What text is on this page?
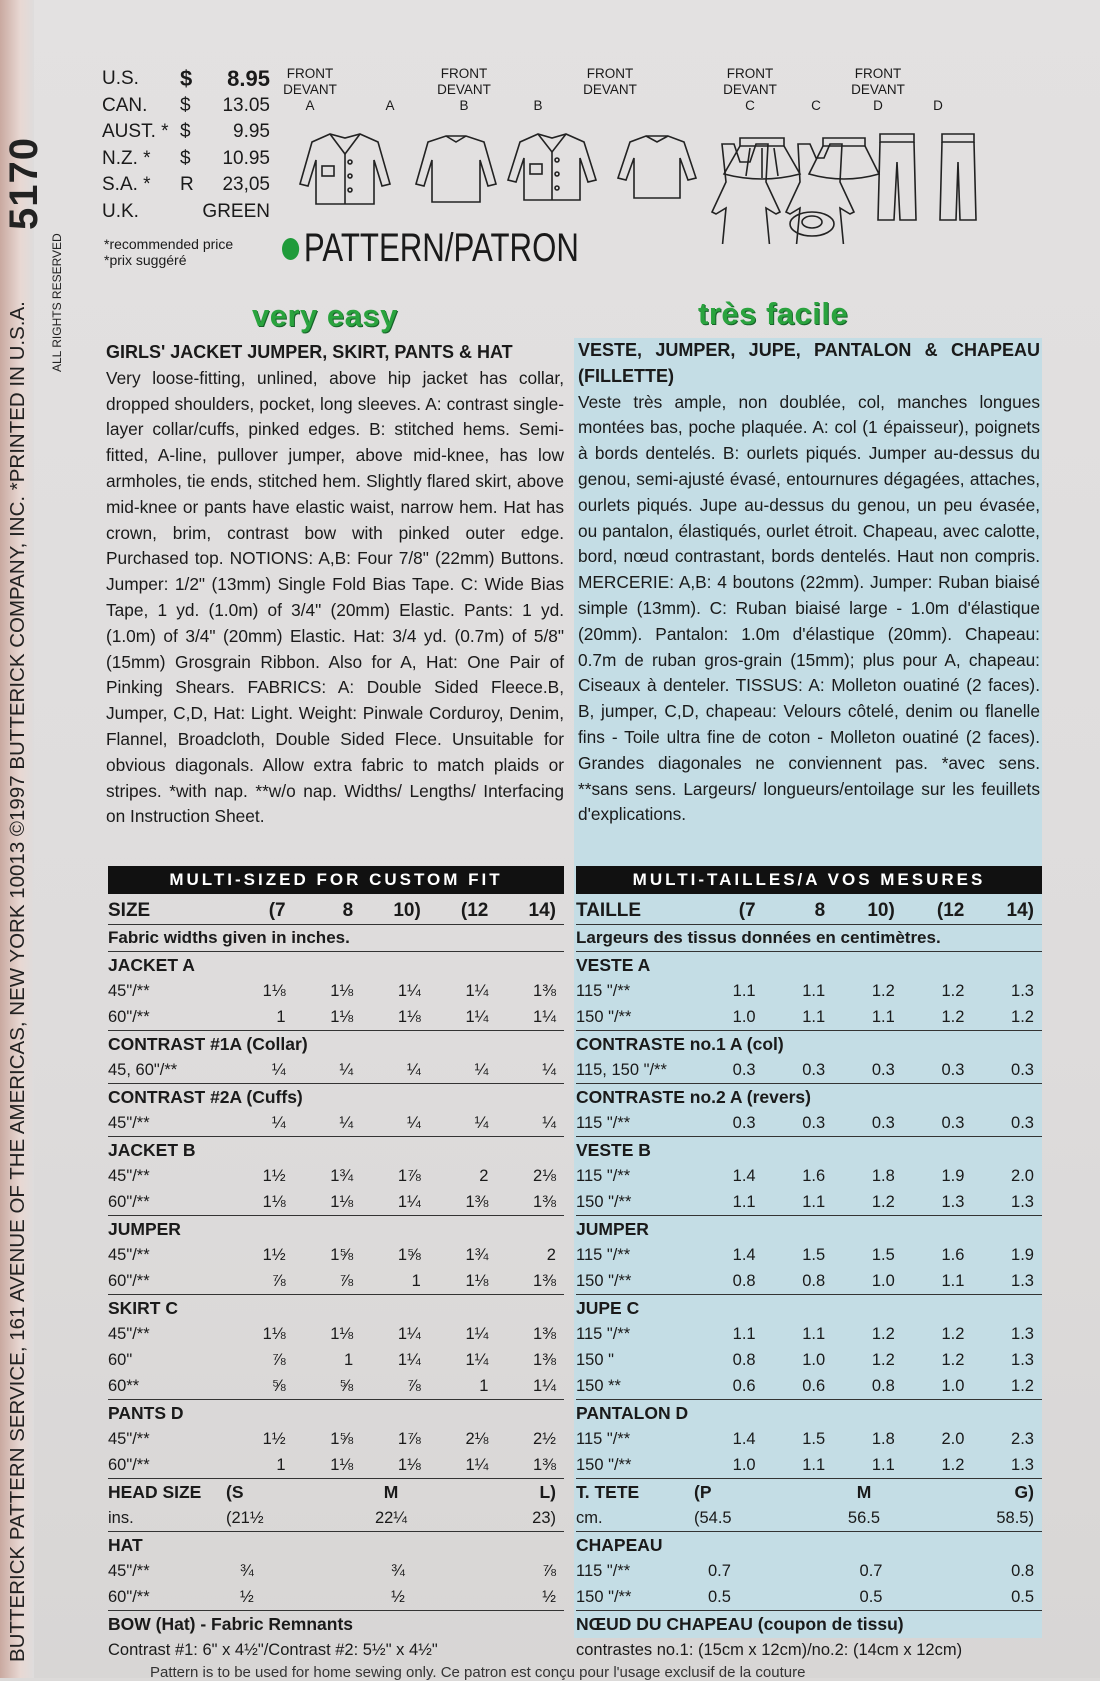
5170
BUTTERICK PATTERN SERVICE, 161 AVENUE OF THE AMERICAS, NEW YORK 10013 ©1997 BUTTERICK COMPANY, INC. *PRINTED IN U.S.A. ALL RIGHTS RESERVED
U.S.	$	8.95
CAN.	$	13.05
AUST. * $	9.95
N.Z. *	$	10.95
S.A. *	R	23,05
U.K.	GREEN
*recommended price
*prix suggéré	PATTERN/PATRON
FRONT
DEVANT
A	A
FRONT
DEVANT
B	B
FRONT
DEVANT

FRONT
DEVANT
C	C
FRONT
DEVANT
D	D
very easy	très facile
GIRLS' JACKET JUMPER, SKIRT, PANTS & HAT
Very loose-fitting, unlined, above hip jacket has collar, dropped shoulders, pocket, long sleeves. A: contrast single-layer collar/cuffs, pinked edges. B: stitched hems. Semi-fitted, A-line, pullover jumper, above mid-knee, has low armholes, tie ends, stitched hem. Slightly flared skirt, above mid-knee or pants have elastic waist, narrow hem. Hat has crown, brim, contrast bow with pinked outer edge. Purchased top. NOTIONS: A,B: Four 7/8" (22mm) Buttons. Jumper: 1/2" (13mm) Single Fold Bias Tape. C: Wide Bias Tape, 1 yd. (1.0m) of 3/4" (20mm) Elastic. Pants: 1 yd. (1.0m) of 3/4" (20mm) Elastic. Hat: 3/4 yd. (0.7m) of 5/8" (15mm) Grosgrain Ribbon. Also for A, Hat: One Pair of Pinking Shears. FABRICS: A: Double Sided Fleece.B, Jumper, C,D, Hat: Light. Weight: Pinwale Corduroy, Denim, Flannel, Broadcloth, Double Sided Flece. Unsuitable for obvious diagonals. Allow extra fabric to match plaids or stripes. *with nap. **w/o nap. Widths/ Lengths/ Interfacing on Instruction Sheet.
VESTE, JUMPER, JUPE, PANTALON & CHAPEAU (FILLETTE)
Veste très ample, non doublée, col, manches longues montées bas, poche plaquée. A: col (1 épaisseur), poignets à bords dentelés. B: ourlets piqués. Jumper au-dessus du genou, semi-ajusté évasé, entournures dégagées, attaches, ourlets piqués. Jupe au-dessus du genou, un peu évasée, ou pantalon, élastiqués, ourlet étroit. Chapeau, avec calotte, bord, nœud contrastant, bords dentelés. Haut non compris. MERCERIE: A,B: 4 boutons (22mm). Jumper: Ruban biaisé simple (13mm). C: Ruban biaisé large - 1.0m d'élastique (20mm). Pantalon: 1.0m d'élastique (20mm). Chapeau: 0.7m de ruban gros-grain (15mm); plus pour A, chapeau: Ciseaux à denteler. TISSUS: A: Molleton ouatiné (2 faces). B, jumper, C,D, chapeau: Velours côtelé, denim ou flanelle fins - Toile ultra fine de coton - Molleton ouatiné (2 faces). Grandes diagonales ne conviennent pas. *avec sens. **sans sens. Largeurs/ longueurs/entoilage sur les feuillets d'explications.
MULTI-SIZED FOR CUSTOM FIT
SIZE	(7	8	10)	(12	14)
Fabric widths given in inches.
JACKET A
45"/**	1⅛	1⅛	1¼	1¼	1⅜
60"/**	1	1⅛	1⅛	1¼	1¼
CONTRAST #1A (Collar)
45, 60"/**	¼	¼	¼	¼	¼
CONTRAST #2A (Cuffs)
45"/**	¼	¼	¼	¼	¼
JACKET B
45"/**	1½	1¾	1⅞	2	2⅛
60"/**	1⅛	1⅛	1¼	1⅜	1⅜
JUMPER
45"/**	1½	1⅝	1⅝	1¾	2
60"/**	⅞	⅞	1	1⅛	1⅜
SKIRT C
45"/**	1⅛	1⅛	1¼	1¼	1⅜
60"	⅞	1	1¼	1¼	1⅜
60**	⅝	⅝	⅞	1	1¼
PANTS D
45"/**	1½	1⅝	1⅞	2⅛	2½
60"/**	1	1⅛	1⅛	1¼	1⅜
HEAD SIZE	(S	M	L)
ins.	(21½	22¼	23)
HAT
45"/**	¾	¾	⅞
60"/**	½	½	½
BOW (Hat) - Fabric Remnants
Contrast #1: 6" x 4½"/Contrast #2: 5½" x 4½"
MULTI-TAILLES/A VOS MESURES
TAILLE	(7	8	10)	(12	14)
Largeurs des tissus données en centimètres.
VESTE A
115 "/**	1.1	1.1	1.2	1.2	1.3
150 "/**	1.0	1.1	1.1	1.2	1.2
CONTRASTE no.1 A (col)
115, 150 "/**	0.3	0.3	0.3	0.3	0.3
CONTRASTE no.2 A (revers)
115 "/**	0.3	0.3	0.3	0.3	0.3
VESTE B
115 "/**	1.4	1.6	1.8	1.9	2.0
150 "/**	1.1	1.1	1.2	1.3	1.3
JUMPER
115 "/**	1.4	1.5	1.5	1.6	1.9
150 "/**	0.8	0.8	1.0	1.1	1.3
JUPE C
115 "/**	1.1	1.1	1.2	1.2	1.3
150 "	0.8	1.0	1.2	1.2	1.3
150 **	0.6	0.6	0.8	1.0	1.2
PANTALON D
115 "/**	1.4	1.5	1.8	2.0	2.3
150 "/**	1.0	1.1	1.1	1.2	1.3
T. TETE	(P	M	G)
cm.	(54.5	56.5	58.5)
CHAPEAU
115 "/**	0.7	0.7	0.8
150 "/**	0.5	0.5	0.5
NŒUD DU CHAPEAU (coupon de tissu)
contrastes no.1: (15cm x 12cm)/no.2: (14cm x 12cm)
Pattern is to be used for home sewing only. Ce patron est conçu pour l'usage exclusif de la couture
